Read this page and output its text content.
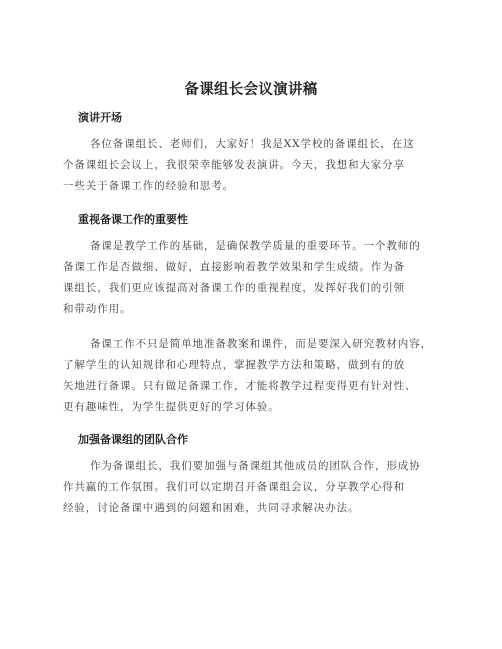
备课组长会议演讲稿
演讲开场
各位备课组长、老师们，大家好！我是XX学校的备课组长，在这
个备课组长会议上，我很荣幸能够发表演讲。今天，我想和大家分享
一些关于备课工作的经验和思考。
重视备课工作的重要性
备课是教学工作的基础，是确保教学质量的重要环节。一个教师的
备课工作是否做细、做好，直接影响着教学效果和学生成绩。作为备
课组长，我们更应该提高对备课工作的重视程度，发挥好我们的引领
和带动作用。
备课工作不只是简单地准备教案和课件，而是要深入研究教材内容，
了解学生的认知规律和心理特点，掌握教学方法和策略，做到有的放
矢地进行备课。只有做足备课工作，才能将教学过程变得更有针对性、
更有趣味性，为学生提供更好的学习体验。
加强备课组的团队合作
作为备课组长，我们要加强与备课组其他成员的团队合作，形成协
作共赢的工作氛围。我们可以定期召开备课组会议，分享教学心得和
经验，讨论备课中遇到的问题和困难，共同寻求解决办法。
